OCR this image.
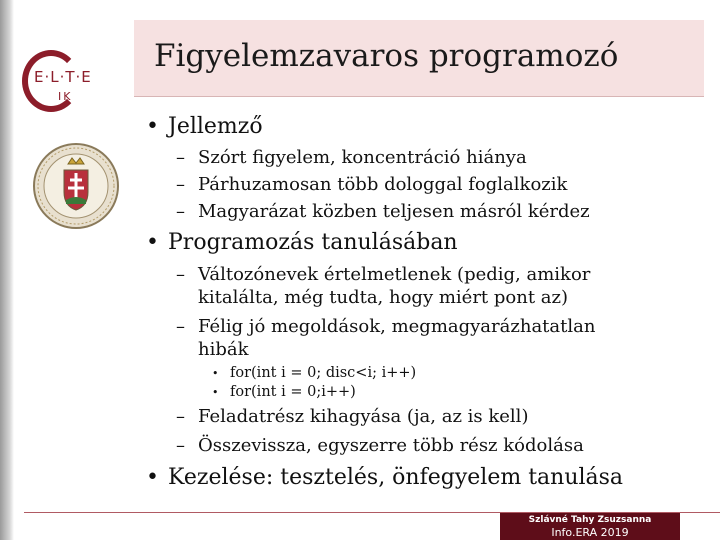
E·L·T·E
IK
Figyelemzavaros programozó
• Jellemző
– Szórt figyelem, koncentráció hiánya
– Párhuzamosan több dologgal foglalkozik
– Magyarázat közben teljesen másról kérdez
• Programozás tanulásában
– Változónevek értelmetlenek (pedig, amikor
kitalálta, még tudta, hogy miért pont az)
– Félig jó megoldások, megmagyarázhatatlan
hibák
• for(int i = 0; disc<i; i++)
• for(int i = 0;i++)
– Feladatrész kihagyása (ja, az is kell)
– Összevissza, egyszerre több rész kódolása
• Kezelése: tesztelés, önfegyelem tanulása
Szlávné Tahy Zsuzsanna
Info.ERA 2019
